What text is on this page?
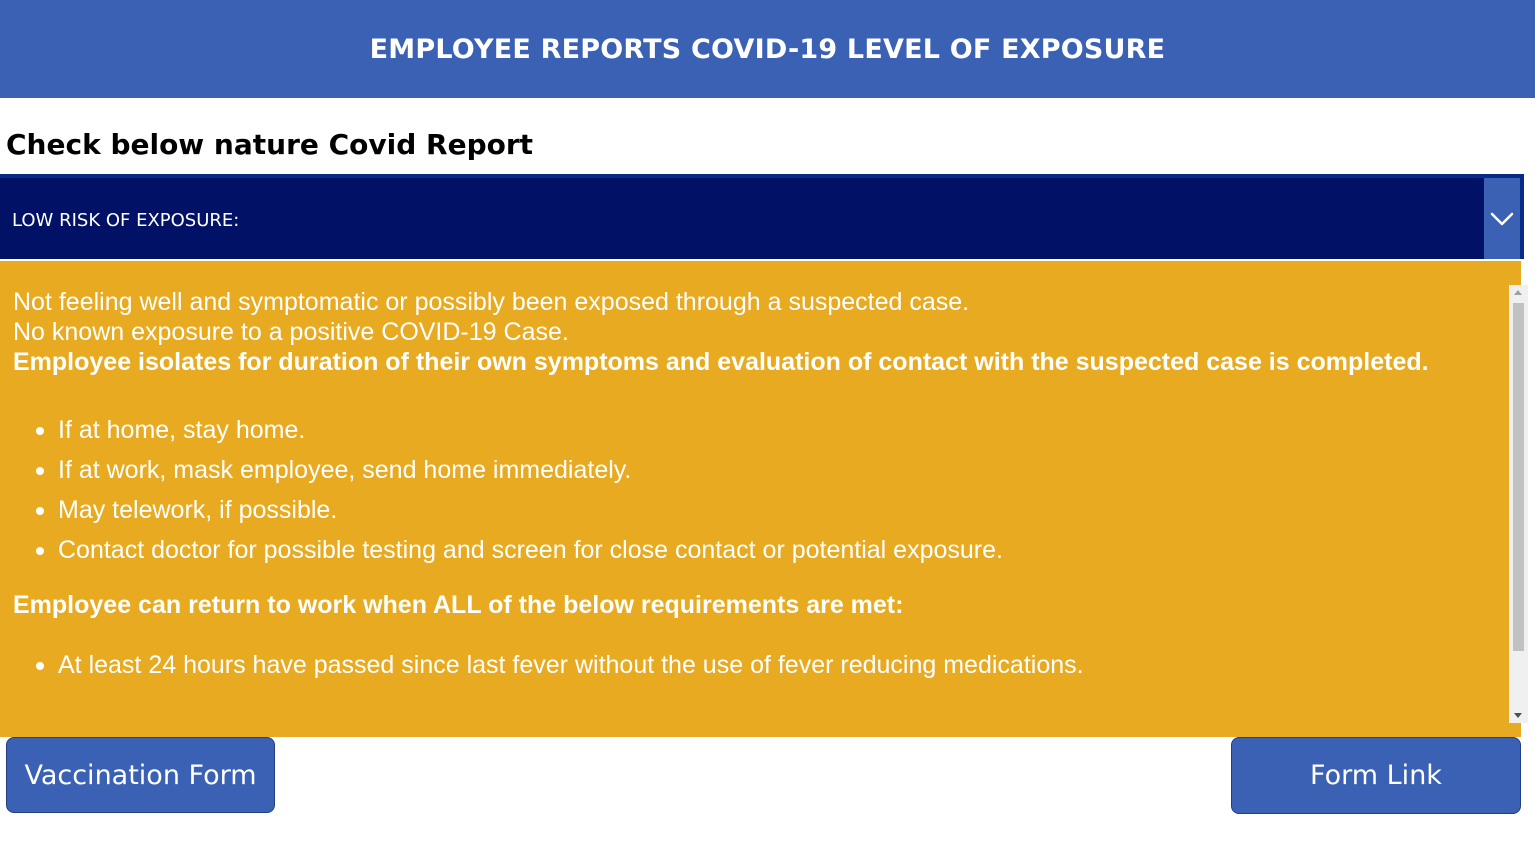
EMPLOYEE REPORTS COVID-19 LEVEL OF EXPOSURE
Check below nature Covid Report
LOW RISK OF EXPOSURE:

Not feeling well and symptomatic or possibly been exposed through a suspected case.

No known exposure to a positive COVID-19 Case.

Employee isolates for duration of their own symptoms and evaluation of contact with the suspected case is completed.

If at home, stay home.
If at work, mask employee, send home immediately.
May telework, if possible.
Contact doctor for possible testing and screen for close contact or potential exposure.

Employee can return to work when ALL of the below requirements are met:

At least 24 hours have passed since last fever without the use of fever reducing medications.
Vaccination Form	Form Link
